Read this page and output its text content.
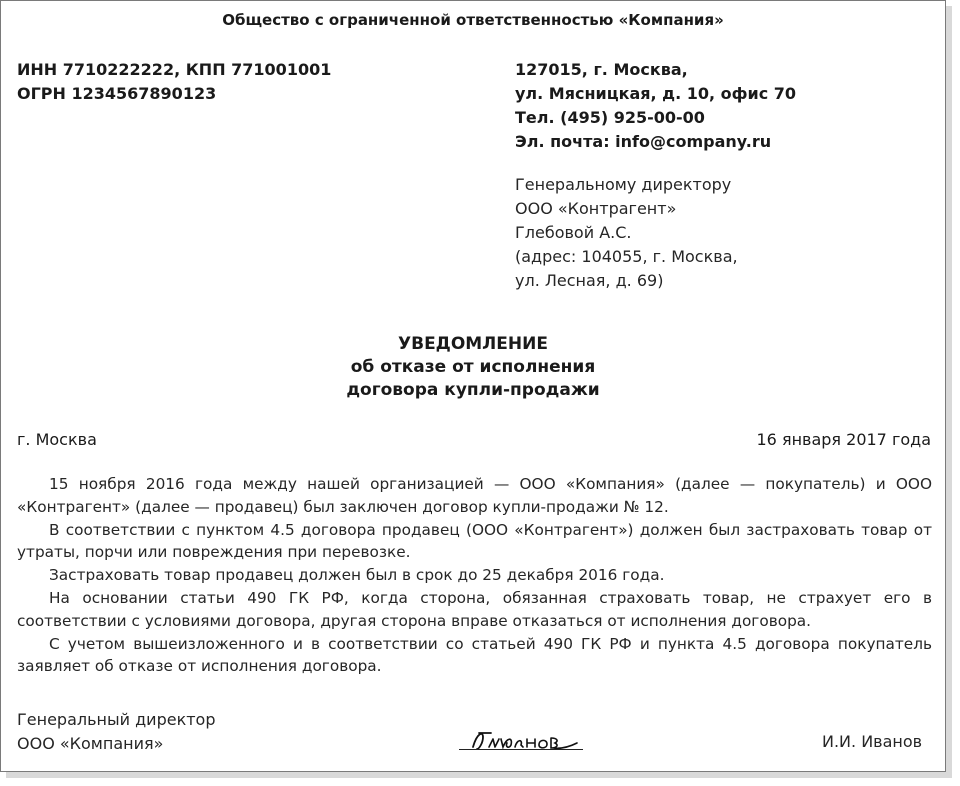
Общество с ограниченной ответственностью «Компания»
ИНН 7710222222, КПП 771001001
ОГРН 1234567890123
127015, г. Москва,
ул. Мясницкая, д. 10, офис 70
Тел. (495) 925-00-00
Эл. почта: info@company.ru
Генеральному директору
ООО «Контрагент»
Глебовой А.С.
(адрес: 104055, г. Москва,
ул. Лесная, д. 69)
УВЕДОМЛЕНИЕ
об отказе от исполнения
договора купли-продажи
г. Москва	16 января 2017 года

15 ноября 2016 года между нашей организацией — ООО «Компания» (далее — покупатель) и ООО «Контрагент» (далее — продавец) был заключен договор купли-продажи № 12.

В соответствии с пунктом 4.5 договора продавец (ООО «Контрагент») должен был застраховать товар от утраты, порчи или повреждения при перевозке.

Застраховать товар продавец должен был в срок до 25 декабря 2016 года.

На основании статьи 490 ГК РФ, когда сторона, обязанная страховать товар, не страхует его в соответствии с условиями договора, другая сторона вправе отказаться от исполнения договора.

С учетом вышеизложенного и в соответствии со статьей 490 ГК РФ и пункта 4.5 договора покупатель заявляет об отказе от исполнения договора.

Генеральный директор
ООО «Компания»	И.И. Иванов
